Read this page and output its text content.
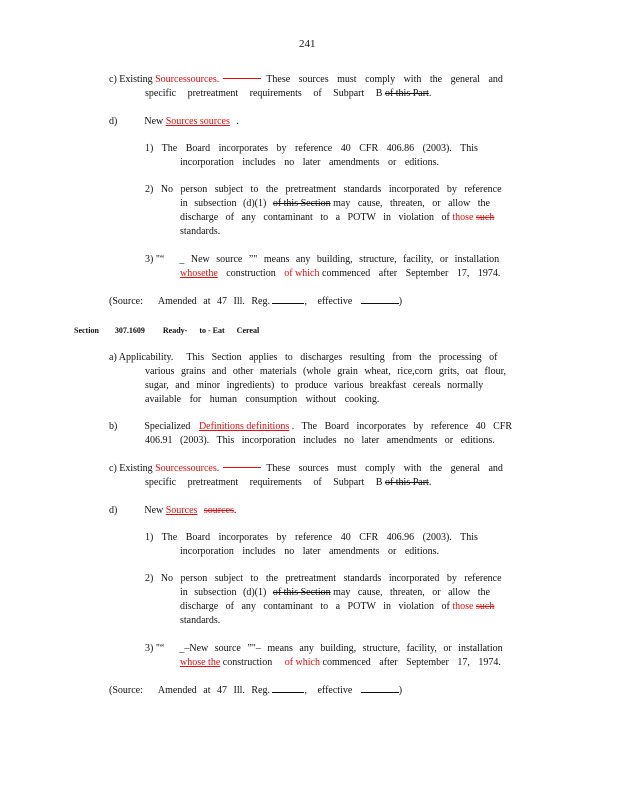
241
c) Existing Sourcessources.	These sources must comply with the general and
specific pretreatment requirements of Subpart B of this Part.
d)	New Sources sources .
1) The Board incorporates by reference 40 CFR 406.86 (2003). This
incorporation includes no later amendments or editions.
2) No person subject to the pretreatment standards incorporated by reference
in subsection (d)(1) of this Section may cause, threaten, or allow the
discharge of any contaminant to a POTW in violation of those such
standards.
3) "“ _ New source ”" means any building, structure, facility, or installation
whosethe construction of which commenced after September 17, 1974.
(Source: Amended at 47 Ill. Reg.	, effective	)
Section 307.1609 Ready- to - Eat Cereal
a) Applicability. This Section applies to discharges resulting from the processing of
various grains and other materials (whole grain wheat, rice,corn grits, oat flour,
sugar, and minor ingredients) to produce various breakfast cereals normally
available for human consumption without cooking.
b)	Specialized Definitions definitions . The Board incorporates by reference 40 CFR
406.91 (2003). This incorporation includes no later amendments or editions.
c) Existing Sourcessources.	These sources must comply with the general and
specific pretreatment requirements of Subpart B of this Part.
d)	New Sources sources.
1) The Board incorporates by reference 40 CFR 406.96 (2003). This
incorporation includes no later amendments or editions.
2) No person subject to the pretreatment standards incorporated by reference
in subsection (d)(1) of this Section may cause, threaten, or allow the
discharge of any contaminant to a POTW in violation of those such
standards.
3) "“ _–New source ”"– means any building, structure, facility, or installation
whose the construction of which commenced after September 17, 1974.
(Source: Amended at 47 Ill. Reg.	, effective	)
